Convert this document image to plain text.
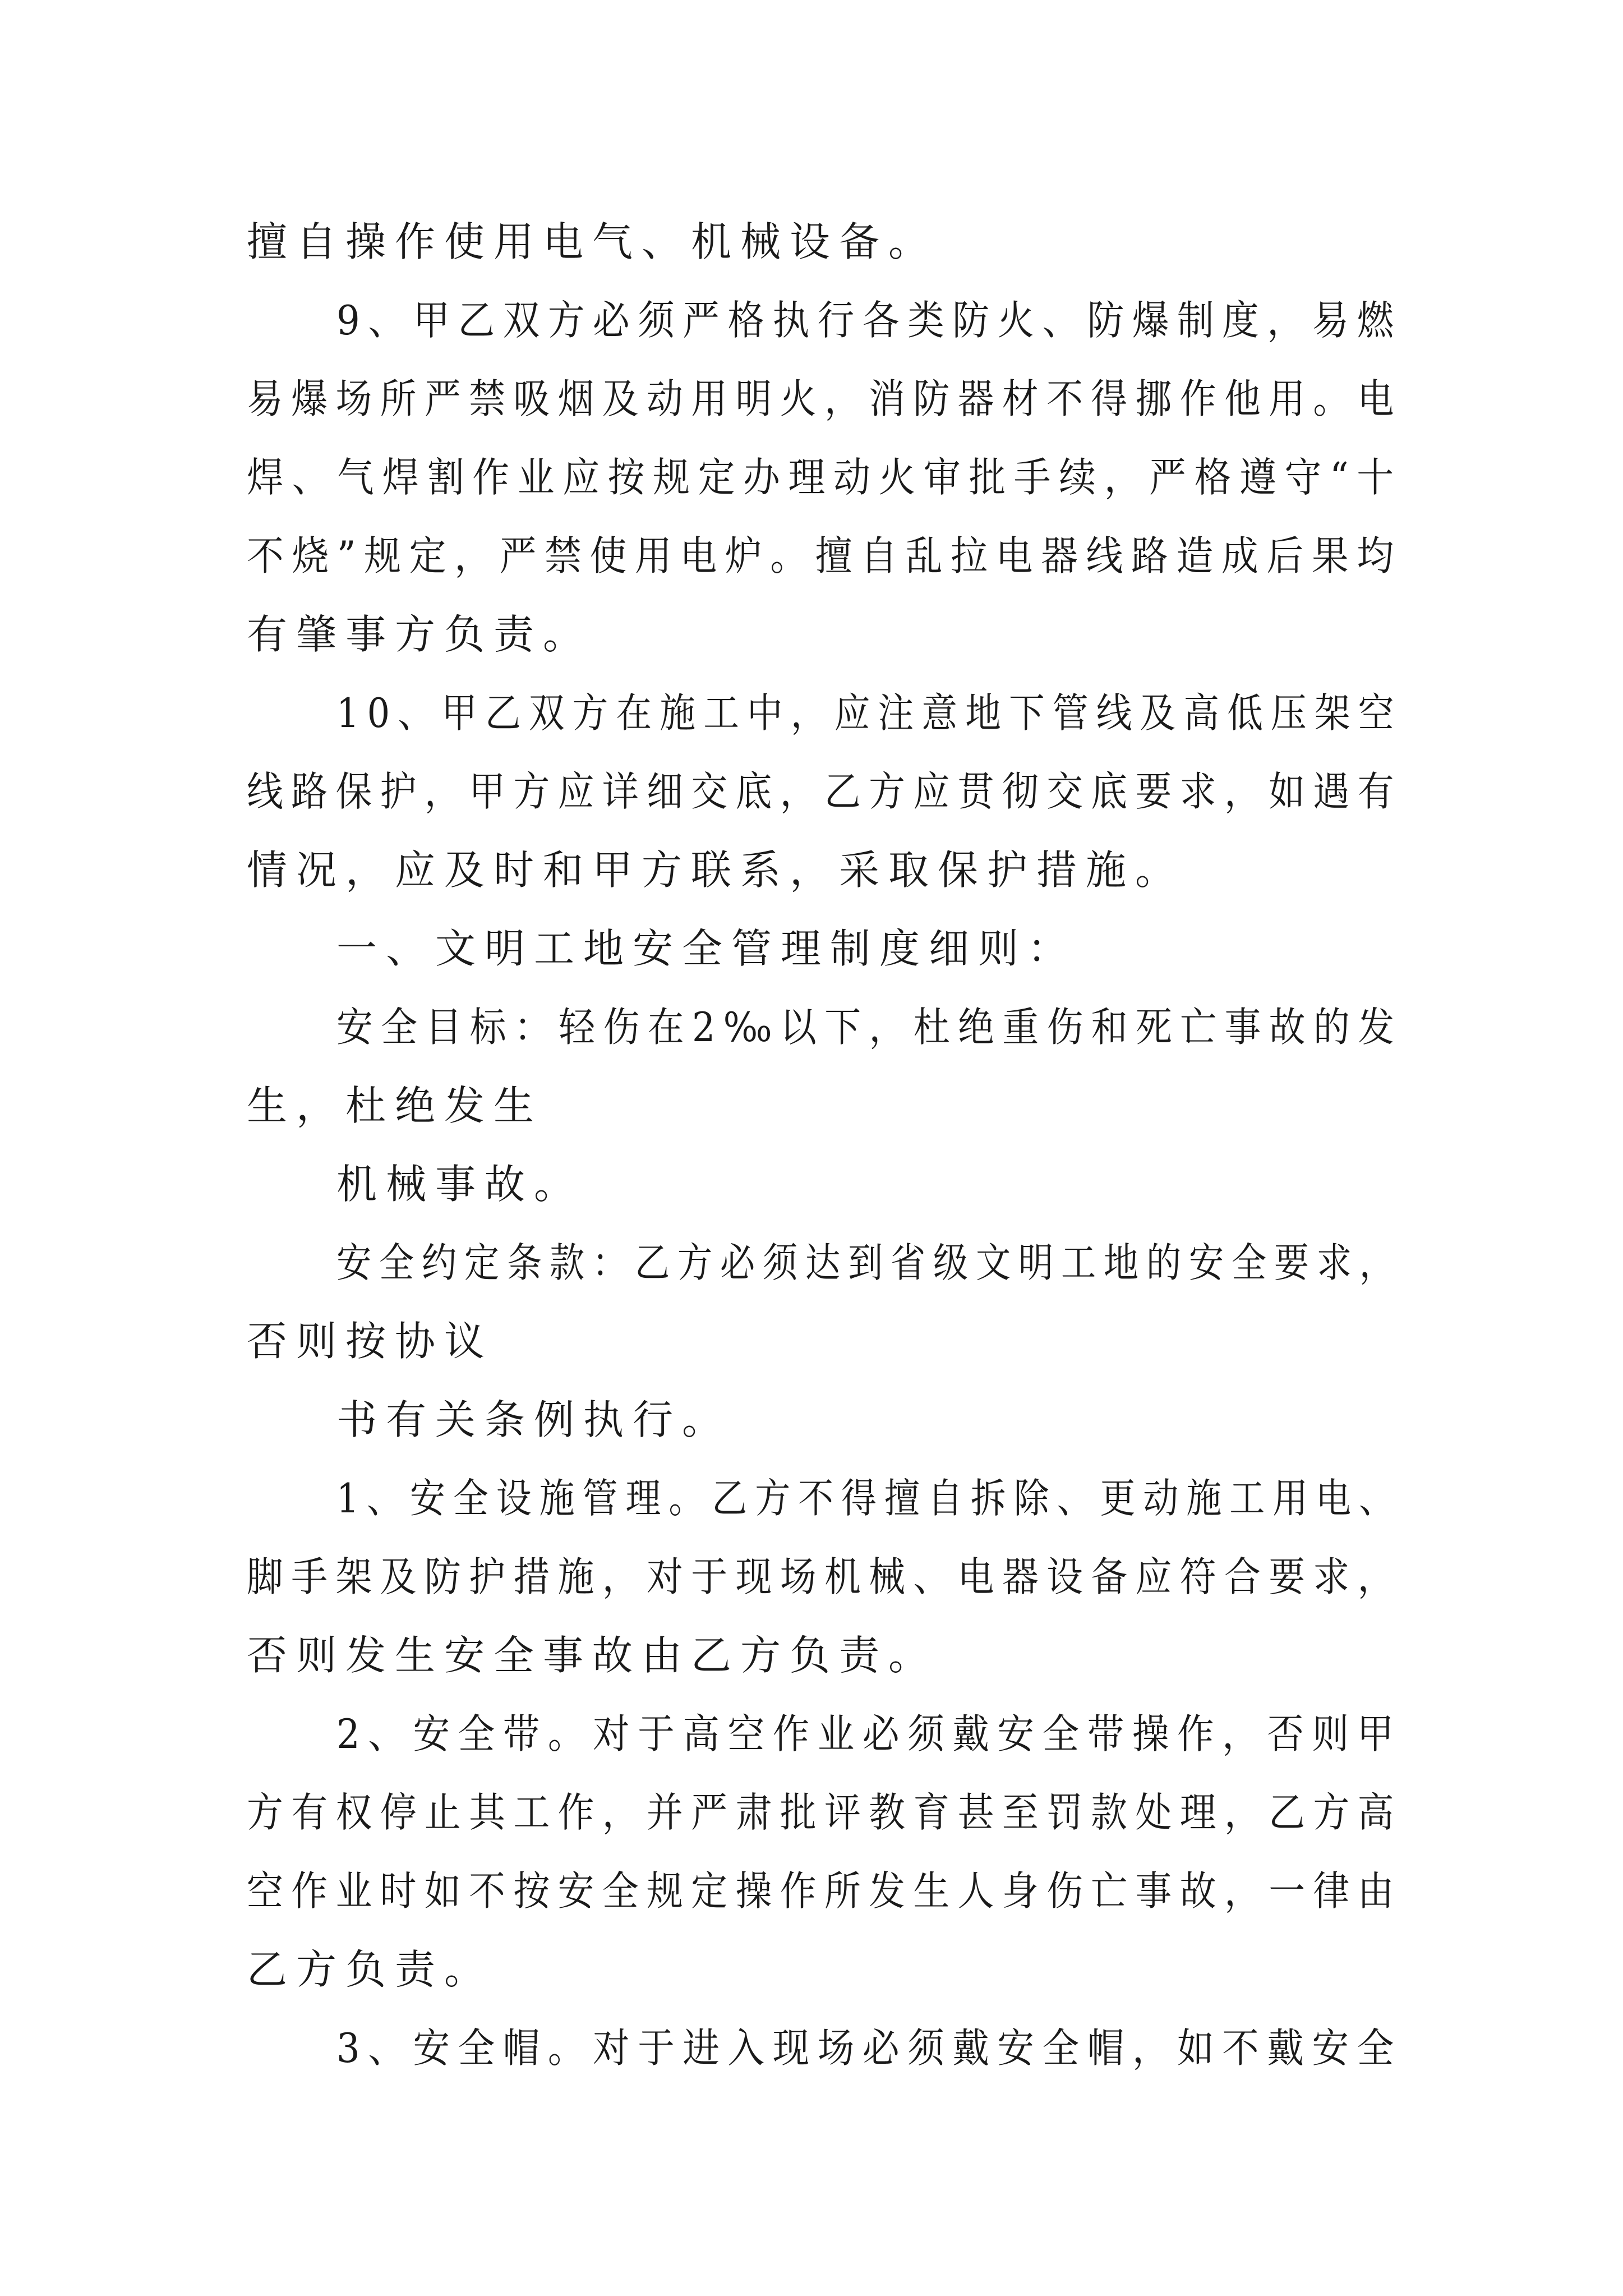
擅自操作使用电气、机械设备。
9、甲乙双方必须严格执行各类防火、防爆制度，易燃
易爆场所严禁吸烟及动用明火，消防器材不得挪作他用。电
焊、气焊割作业应按规定办理动火审批手续，严格遵守“十
不烧”规定，严禁使用电炉。擅自乱拉电器线路造成后果均
有肇事方负责。
10、甲乙双方在施工中，应注意地下管线及高低压架空
线路保护，甲方应详细交底，乙方应贯彻交底要求，如遇有
情况，应及时和甲方联系，采取保护措施。
一、文明工地安全管理制度细则：
安全目标：轻伤在2‰以下，杜绝重伤和死亡事故的发
生，杜绝发生
机械事故。
安全约定条款：乙方必须达到省级文明工地的安全要求，
否则按协议
书有关条例执行。
1、安全设施管理。乙方不得擅自拆除、更动施工用电、
脚手架及防护措施，对于现场机械、电器设备应符合要求，
否则发生安全事故由乙方负责。
2、安全带。对于高空作业必须戴安全带操作，否则甲
方有权停止其工作，并严肃批评教育甚至罚款处理，乙方高
空作业时如不按安全规定操作所发生人身伤亡事故，一律由
乙方负责。
3、安全帽。对于进入现场必须戴安全帽，如不戴安全
